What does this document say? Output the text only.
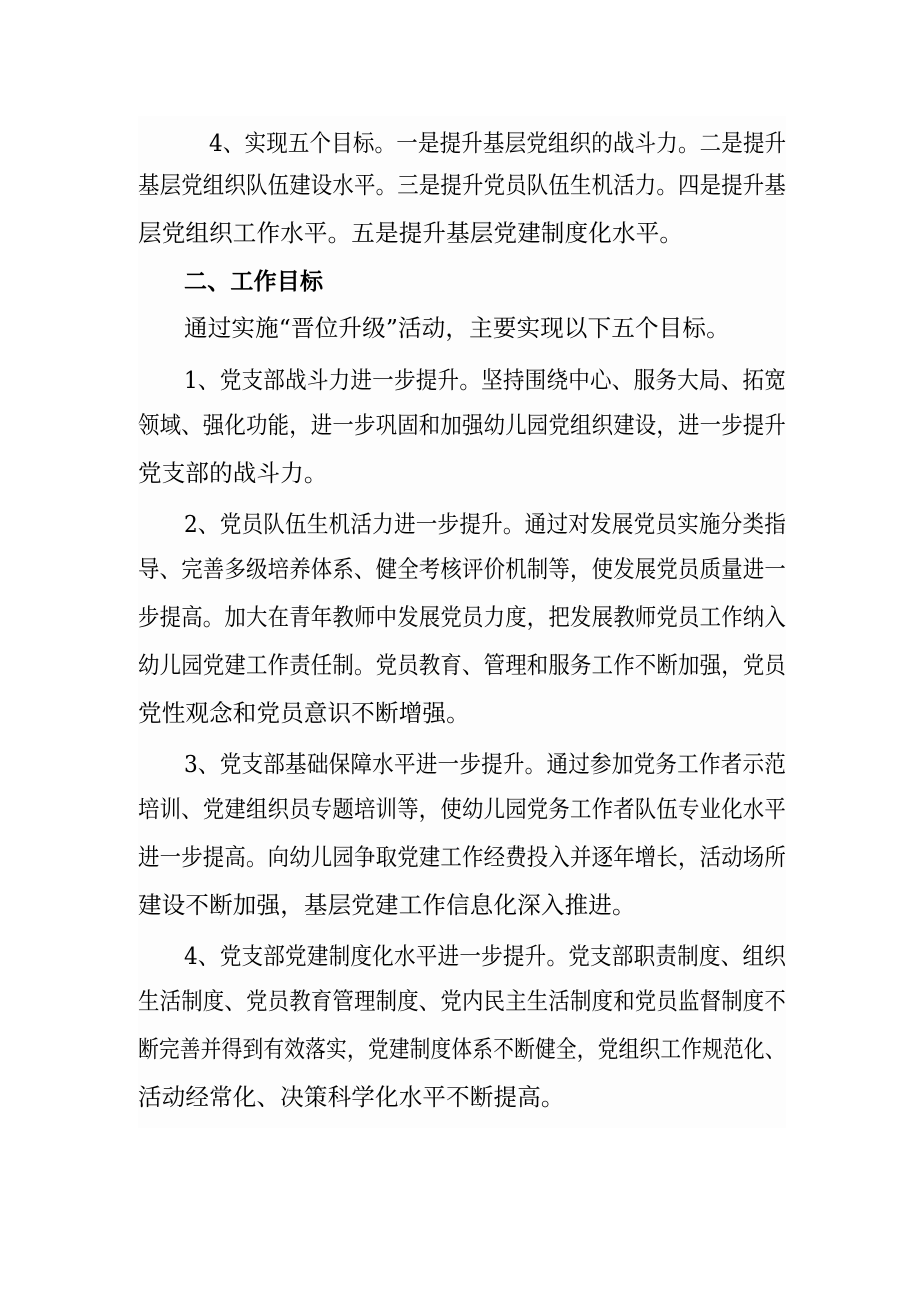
4、实现五个目标。一是提升基层党组织的战斗力。二是提升
基层党组织队伍建设水平。三是提升党员队伍生机活力。四是提升基
层党组织工作水平。五是提升基层党建制度化水平。
二、工作目标
通过实施“晋位升级”活动，主要实现以下五个目标。
1、党支部战斗力进一步提升。坚持围绕中心、服务大局、拓宽
领域、强化功能，进一步巩固和加强幼儿园党组织建设，进一步提升
党支部的战斗力。
2、党员队伍生机活力进一步提升。通过对发展党员实施分类指
导、完善多级培养体系、健全考核评价机制等，使发展党员质量进一
步提高。加大在青年教师中发展党员力度，把发展教师党员工作纳入
幼儿园党建工作责任制。党员教育、管理和服务工作不断加强，党员
党性观念和党员意识不断增强。
3、党支部基础保障水平进一步提升。通过参加党务工作者示范
培训、党建组织员专题培训等，使幼儿园党务工作者队伍专业化水平
进一步提高。向幼儿园争取党建工作经费投入并逐年增长，活动场所
建设不断加强，基层党建工作信息化深入推进。
4、党支部党建制度化水平进一步提升。党支部职责制度、组织
生活制度、党员教育管理制度、党内民主生活制度和党员监督制度不
断完善并得到有效落实，党建制度体系不断健全，党组织工作规范化、
活动经常化、决策科学化水平不断提高。
